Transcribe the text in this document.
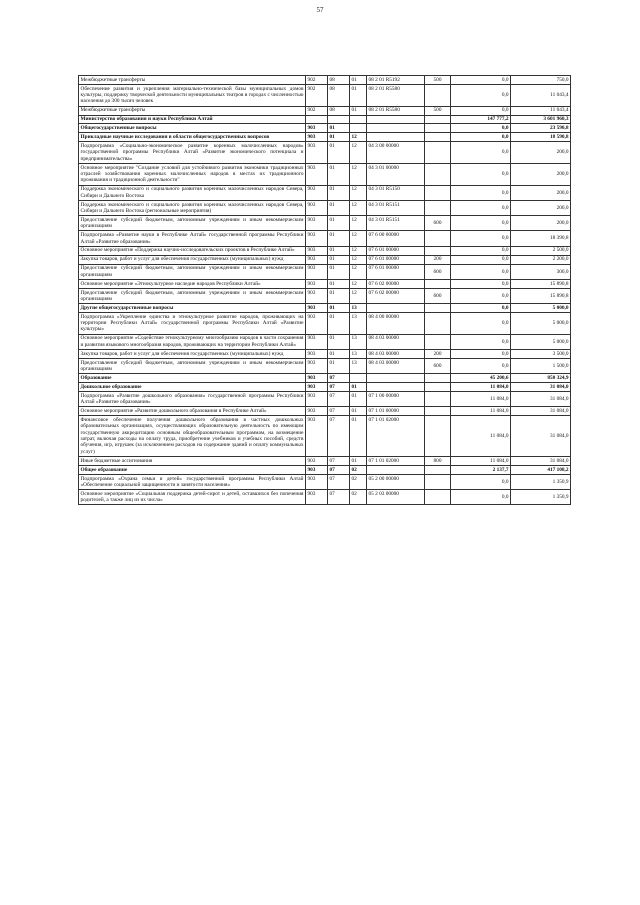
57
Межбюджетные трансферты	902	08	01	08 2 01 R5192	500	0,0	750,0
Обеспечение развития и укрепления материально-технической базы муниципальных домов культуры, поддержку творческой деятельности муниципальных театров в городах с численностью населения до 300 тысяч человек	902	08	01	08 2 01 R5580		0,0	11 043,4
Межбюджетные трансферты	902	08	01	08 2 01 R5580	500	0,0	11 043,4
Министерство образования и науки Республики Алтай						147 777,2	3 601 960,3
Общегосударственные вопросы	903	01				0,0	23 590,8
Прикладные научные исследования в области общегосударственных вопросов	903	01	12			0,0	18 590,8
Подпрограмма «Социально-экономическое развитие коренных малочисленных народов» государственной программы Республики Алтай «Развитие экономического потенциала и предпринимательства»	903	01	12	04 3 00 00000		0,0	200,0
Основное мероприятие "Создание условий для устойчивого развития экономики традиционных отраслей хозяйствования коренных малочисленных народов в местах их традиционного проживания и традиционной деятельности"	903	01	12	04 3 01 00000		0,0	200,0
Поддержка экономического и социального развития коренных малочисленных народов Севера, Сибири и Дальнего Востока	903	01	12	04 3 01 R5150		0,0	200,0
Поддержка экономического и социального развития коренных малочисленных народов Севера, Сибири и Дальнего Востока (региональные мероприятия)	903	01	12	04 3 01 R5151		0,0	200,0
Предоставление субсидий бюджетным, автономным учреждениям и иным некоммерческим организациям	903	01	12	04 3 01 R5151	600	0,0	200,0
Подпрограмма «Развитие науки в Республике Алтай» государственной программы Республики Алтай «Развитие образования»	903	01	12	07 6 00 00000		0,0	18 390,8
Основное мероприятие «Поддержка научно-исследовательских проектов в Республике Алтай»	903	01	12	07 6 01 00000		0,0	2 500,0
Закупка товаров, работ и услуг для обеспечения государственных (муниципальных) нужд	903	01	12	07 6 01 00000	200	0,0	2 200,0
Предоставление субсидий бюджетным, автономным учреждениям и иным некоммерческим организациям	903	01	12	07 6 01 00000	600	0,0	300,0
Основное мероприятие «Этнокультурное наследие народов Республики Алтай»	903	01	12	07 6 02 00000		0,0	15 890,8
Предоставление субсидий бюджетным, автономным учреждениям и иным некоммерческим организациям	903	01	12	07 6 02 00000	600	0,0	15 890,8
Другие общегосударственные вопросы	903	01	13			0,0	5 000,0
Подпрограмма «Укрепление единства и этнокультурное развитие народов, проживающих на территории Республики Алтай» государственной программы Республики Алтай «Развитие культуры»	903	01	13	08 4 00 00000		0,0	5 000,0
Основное мероприятие «Содействие этнокультурному многообразию народов в части сохранения и развития языкового многообразия народов, проживающих на территории Республики Алтай»	903	01	13	08 4 03 00000		0,0	5 000,0
Закупка товаров, работ и услуг для обеспечения государственных (муниципальных) нужд	903	01	13	08 4 03 00000	200	0,0	3 500,0
Предоставление субсидий бюджетным, автономным учреждениям и иным некоммерческим организациям	903	01	13	08 4 03 00000	600	0,0	1 500,0
Образование	903	07				45 200,6	850 324,9
Дошкольное образование	903	07	01			11 084,0	31 084,0
Подпрограмма «Развитие дошкольного образования» государственной программы Республики Алтай «Развитие образования»	903	07	01	07 1 00 00000		11 084,0	31 084,0
Основное мероприятие «Развитие дошкольного образования в Республике Алтай»	903	07	01	07 1 01 00000		11 084,0	31 084,0
Финансовое обеспечение получения дошкольного образования в частных дошкольных образовательных организациях, осуществляющих образовательную деятельность по имеющим государственную аккредитацию основным общеобразовательным программам, на возмещение затрат, включая расходы на оплату труда, приобретение учебников и учебных пособий, средств обучения, игр, игрушек (за исключением расходов на содержание зданий и оплату коммунальных услуг)	903	07	01	07 1 01 02000		11 084,0	31 084,0
Иные бюджетные ассигнования	903	07	01	07 1 01 02000	800	11 084,0	31 084,0
Общее образование	903	07	02			2 137,7	417 108,2
Подпрограмма «Охрана семьи и детей» государственной программы Республики Алтай «Обеспечение социальной защищенности и занятости населения»	903	07	02	05 2 00 00000		0,0	1 350,9
Основное мероприятие «Социальная поддержка детей-сирот и детей, оставшихся без попечения родителей, а также лиц из их числа»	903	07	02	05 2 03 00000		0,0	1 350,9
